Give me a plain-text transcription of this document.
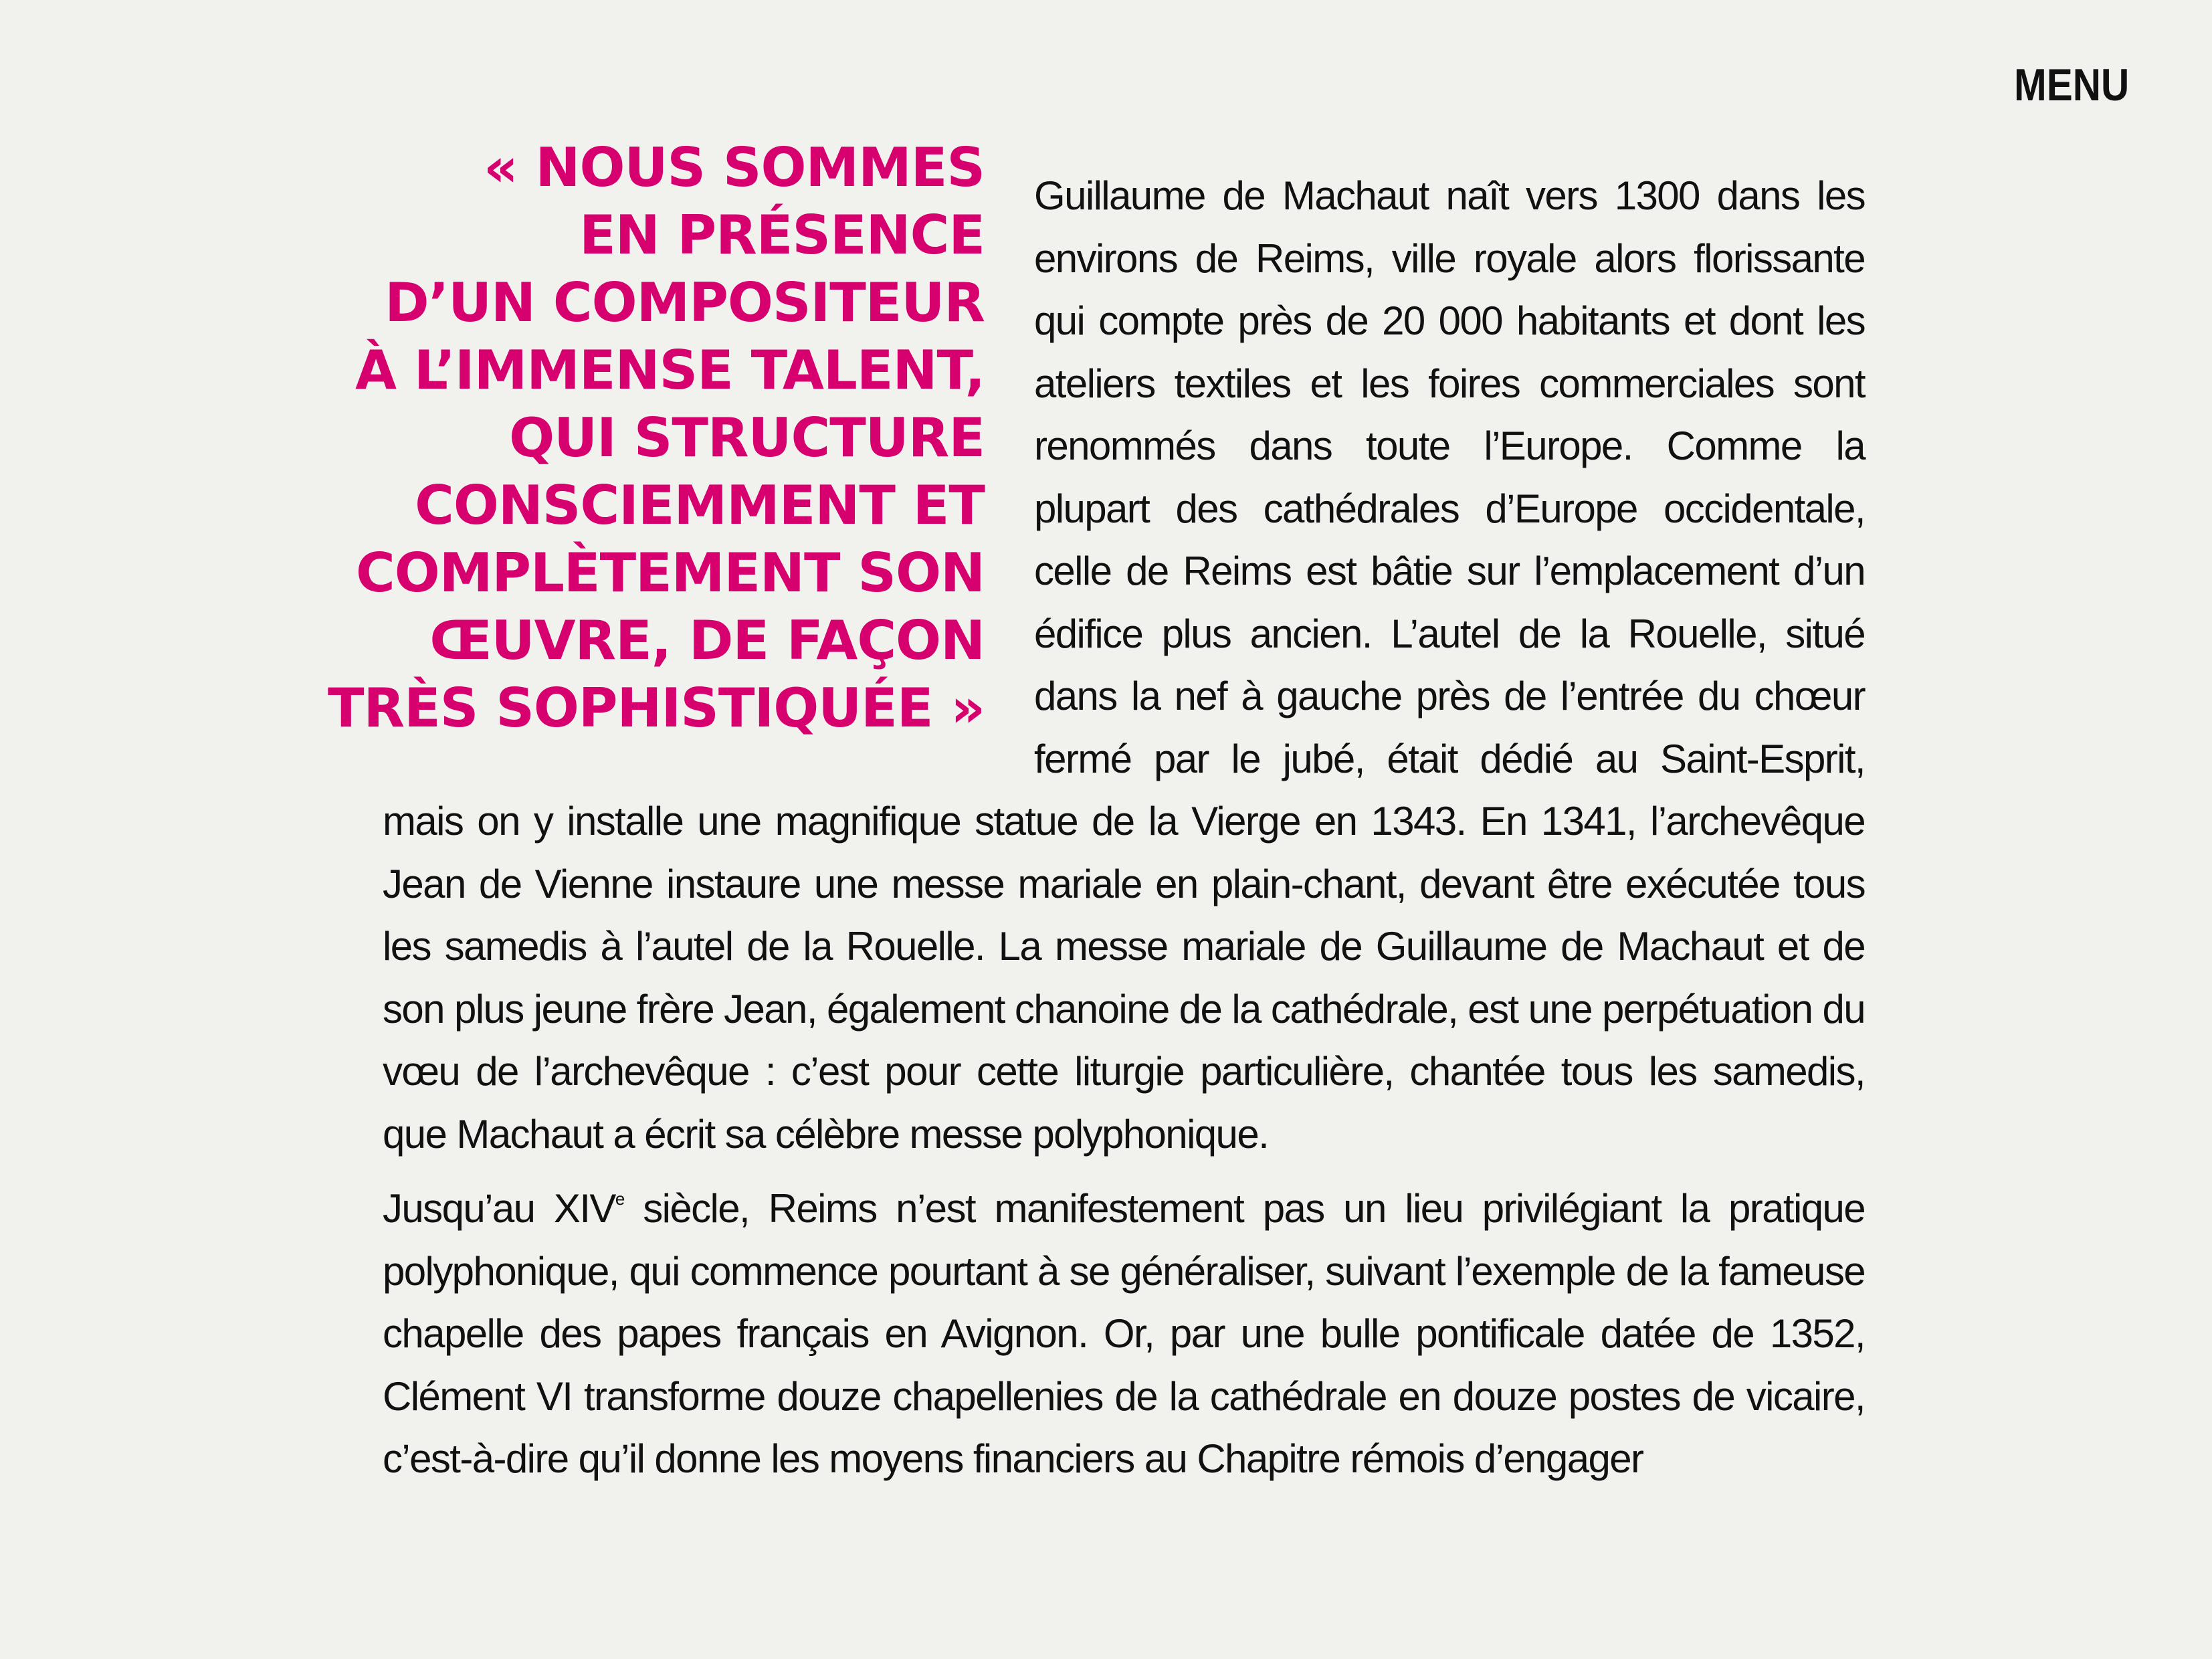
MENU
« NOUS SOMMES
EN PRÉSENCE
D’UN COMPOSITEUR
À L’IMMENSE TALENT,
QUI STRUCTURE
CONSCIEMMENT ET
COMPLÈTEMENT SON
ŒUVRE, DE FAÇON
TRÈS SOPHISTIQUÉE »

Guillaume de Machaut naît vers 1300 dans les environs de Reims, ville royale alors florissante qui compte près de 20 000 habitants et dont les ateliers textiles et les foires commerciales sont renommés dans toute l’Europe. Comme la plupart des cathédrales d’Europe occidentale, celle de Reims est bâtie sur l’emplacement d’un édifice plus ancien. L’autel de la Rouelle, situé dans la nef à gauche près de l’entrée du chœur fermé par le jubé, était dédié au Saint-Esprit, mais on y installe une magnifique statue de la Vierge en 1343. En 1341, l’archevêque Jean de Vienne instaure une messe mariale en plain-chant, devant être exécutée tous les samedis à l’autel de la Rouelle. La messe mariale de Guillaume de Machaut et de son plus jeune frère Jean, également chanoine de la cathédrale, est une perpétuation du vœu de l’archevêque : c’est pour cette liturgie particulière, chantée tous les samedis, que Machaut a écrit sa célèbre messe polyphonique.

Jusqu’au XIVe siècle, Reims n’est manifestement pas un lieu privilégiant la pratique polyphonique, qui commence pourtant à se généraliser, suivant l’exemple de la fameuse chapelle des papes français en Avignon. Or, par une bulle pontificale datée de 1352, Clément VI transforme douze chapellenies de la cathédrale en douze postes de vicaire, c’est-à-dire qu’il donne les moyens financiers au Chapitre rémois d’engager
